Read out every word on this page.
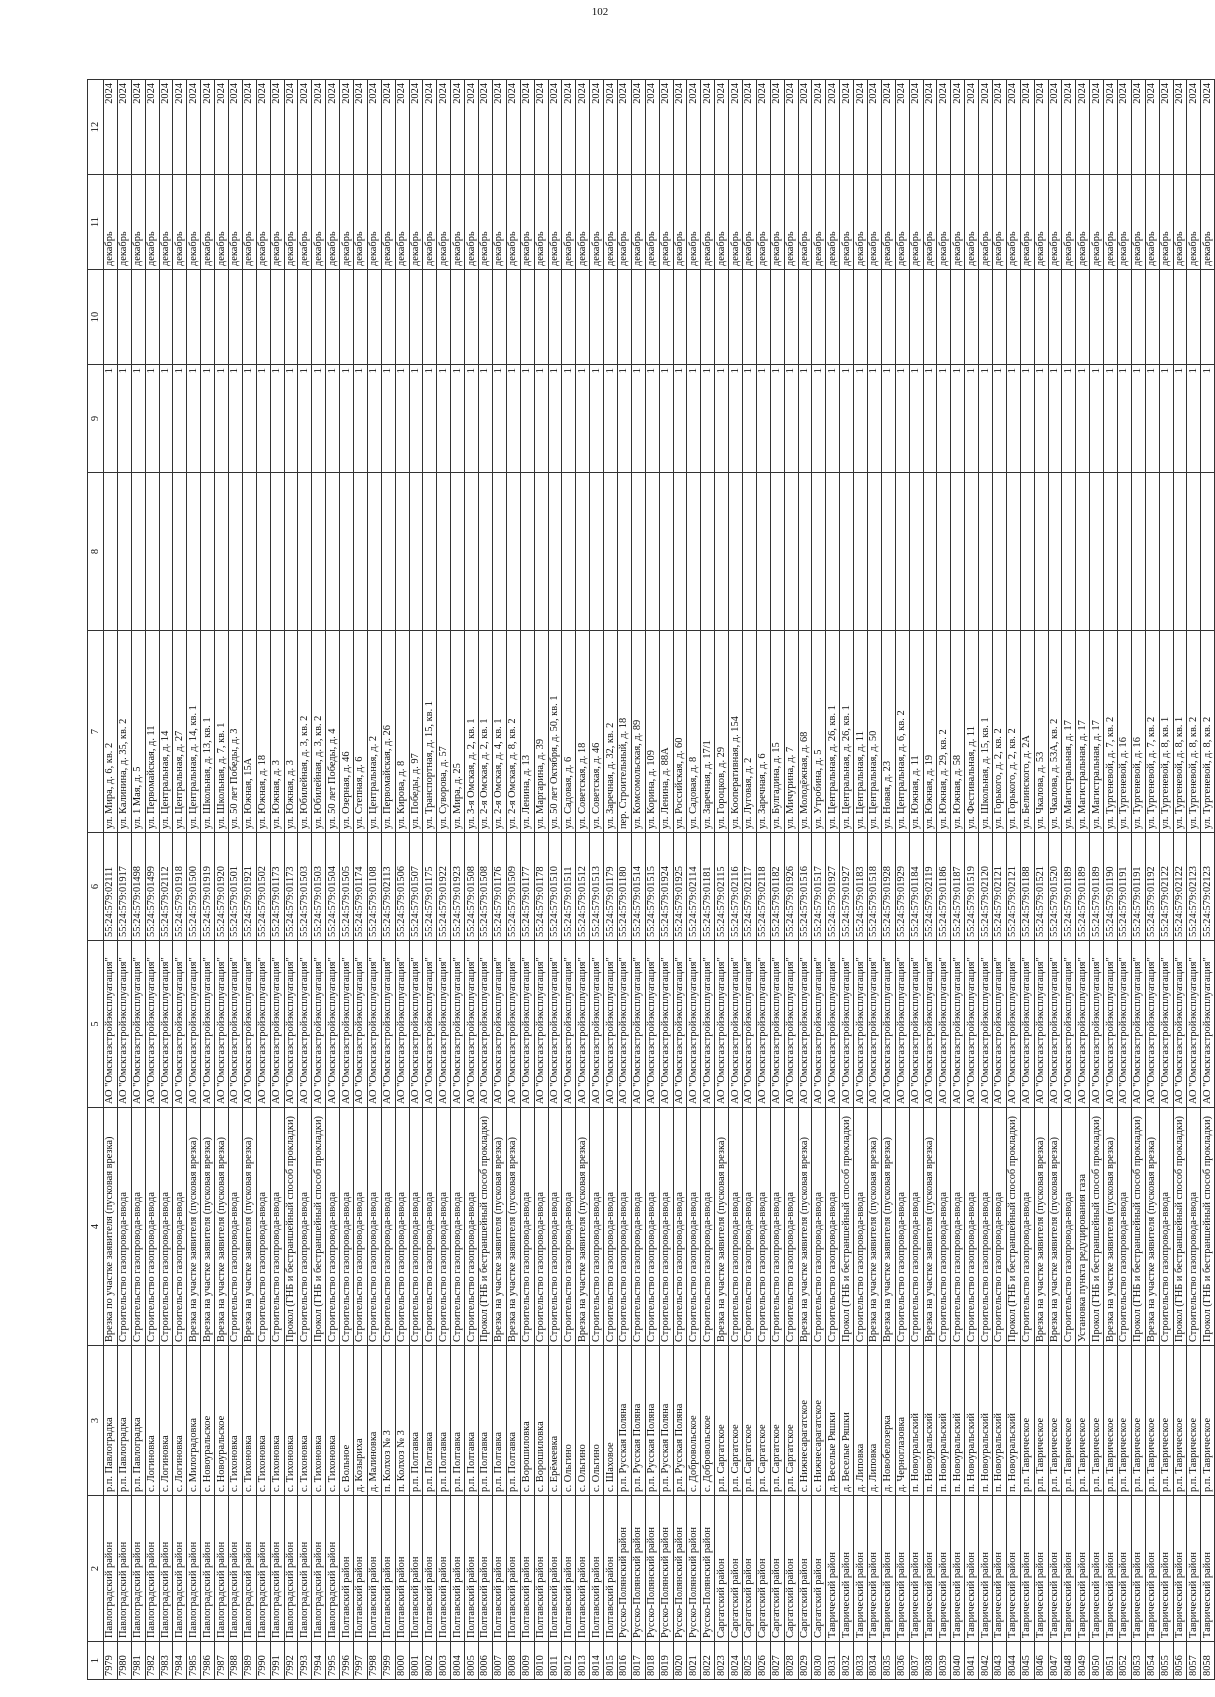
102
1	2	3	4	5	6	7	8	9	10	11	12
7979	Павлоградский район	р.п. Павлоградка	Врезка по участке заявителя (пусковая врезка)	АО "Омскгазстройэксплуатация"	55:24:579:02111	ул. Мира, д. 6, кв. 2		1		декабрь	2024
7980	Павлоградский район	р.п. Павлоградка	Строительство газопровода-ввода	АО "Омскгазстройэксплуатация"	55:24:579:01917	ул. Калинина, д. 35, кв. 2		1		декабрь	2024
7981	Павлоградский район	р.п. Павлоградка	Строительство газопровода-ввода	АО "Омскгазстройэксплуатация"	55:24:579:01498	ул. 1 Мая, д. 5		1		декабрь	2024
7982	Павлоградский район	с. Логиновка	Строительство газопровода-ввода	АО "Омскгазстройэксплуатация"	55:24:579:01499	ул. Первомайская, д. 11		1		декабрь	2024
7983	Павлоградский район	с. Логиновка	Строительство газопровода-ввода	АО "Омскгазстройэксплуатация"	55:24:579:02112	ул. Центральная, д. 14		1		декабрь	2024
7984	Павлоградский район	с. Логиновка	Строительство газопровода-ввода	АО "Омскгазстройэксплуатация"	55:24:579:01918	ул. Центральная, д. 27		1		декабрь	2024
7985	Павлоградский район	с. Милоградовка	Врезка на участке заявителя (пусковая врезка)	АО "Омскгазстройэксплуатация"	55:24:579:01500	ул. Центральная, д. 14, кв. 1		1		декабрь	2024
7986	Павлоградский район	с. Новоуральское	Врезка на участке заявителя (пусковая врезка)	АО "Омскгазстройэксплуатация"	55:24:579:01919	ул. Школьная, д. 13, кв. 1		1		декабрь	2024
7987	Павлоградский район	с. Новоуральское	Врезка на участке заявителя (пусковая врезка)	АО "Омскгазстройэксплуатация"	55:24:579:01920	ул. Школьная, д. 7, кв. 1		1		декабрь	2024
7988	Павлоградский район	с. Тихоновка	Строительство газопровода-ввода	АО "Омскгазстройэксплуатация"	55:24:579:01501	ул. 50 лет Победы, д. 3		1		декабрь	2024
7989	Павлоградский район	с. Тихоновка	Врезка на участке заявителя (пусковая врезка)	АО "Омскгазстройэксплуатация"	55:24:579:01921	ул. Южная, 15А		1		декабрь	2024
7990	Павлоградский район	с. Тихоновка	Строительство газопровода-ввода	АО "Омскгазстройэксплуатация"	55:24:579:01502	ул. Южная, д. 18		1		декабрь	2024
7991	Павлоградский район	с. Тихоновка	Строительство газопровода-ввода	АО "Омскгазстройэксплуатация"	55:24:579:01173	ул. Южная, д. 3		1		декабрь	2024
7992	Павлоградский район	с. Тихоновка	Прокол (ГНБ и бестраншейный способ прокладки)	АО "Омскгазстройэксплуатация"	55:24:579:01173	ул. Южная, д. 3		1		декабрь	2024
7993	Павлоградский район	с. Тихоновка	Строительство газопровода-ввода	АО "Омскгазстройэксплуатация"	55:24:579:01503	ул. Юбилейная, д. 3, кв. 2		1		декабрь	2024
7994	Павлоградский район	с. Тихоновка	Прокол (ГНБ и бестраншейный способ прокладки)	АО "Омскгазстройэксплуатация"	55:24:579:01503	ул. Юбилейная, д. 3, кв. 2		1		декабрь	2024
7995	Павлоградский район	с. Тихоновка	Строительство газопровода-ввода	АО "Омскгазстройэксплуатация"	55:24:579:01504	ул. 50 лет Победы, д. 4		1		декабрь	2024
7996	Полтавский район	с. Вольное	Строительство газопровода-ввода	АО "Омскгазстройэксплуатация"	55:24:579:01505	ул. Озерная, д. 46		1		декабрь	2024
7997	Полтавский район	д. Козыриха	Строительство газопровода-ввода	АО "Омскгазстройэксплуатация"	55:24:579:01174	ул. Степная, д. 6		1		декабрь	2024
7998	Полтавский район	д. Малиновка	Строительство газопровода-ввода	АО "Омскгазстройэксплуатация"	55:24:579:01108	ул. Центральная, д. 2		1		декабрь	2024
7999	Полтавский район	п. Колхоз № 3	Строительство газопровода-ввода	АО "Омскгазстройэксплуатация"	55:24:579:02113	ул. Первомайская, д. 26		1		декабрь	2024
8000	Полтавский район	п. Колхоз № 3	Строительство газопровода-ввода	АО "Омскгазстройэксплуатация"	55:24:579:01506	ул. Кирова, д. 8		1		декабрь	2024
8001	Полтавский район	р.п. Полтавка	Строительство газопровода-ввода	АО "Омскгазстройэксплуатация"	55:24:579:01507	ул. Победы, д. 97		1		декабрь	2024
8002	Полтавский район	р.п. Полтавка	Строительство газопровода-ввода	АО "Омскгазстройэксплуатация"	55:24:579:01175	ул. Транспортная, д. 15, кв. 1		1		декабрь	2024
8003	Полтавский район	р.п. Полтавка	Строительство газопровода-ввода	АО "Омскгазстройэксплуатация"	55:24:579:01922	ул. Суворова, д. 57		1		декабрь	2024
8004	Полтавский район	р.п. Полтавка	Строительство газопровода-ввода	АО "Омскгазстройэксплуатация"	55:24:579:01923	ул. Мира, д. 25		1		декабрь	2024
8005	Полтавский район	р.п. Полтавка	Строительство газопровода-ввода	АО "Омскгазстройэксплуатация"	55:24:579:01508	ул. 3-я Омская, д. 2, кв. 1		1		декабрь	2024
8006	Полтавский район	р.п. Полтавка	Прокол (ГНБ и бестраншейный способ прокладки)	АО "Омскгазстройэксплуатация"	55:24:579:01508	ул. 2-я Омская, д. 2, кв. 1		1		декабрь	2024
8007	Полтавский район	р.п. Полтавка	Врезка на участке заявителя (пусковая врезка)	АО "Омскгазстройэксплуатация"	55:24:579:01176	ул. 2-я Омская, д. 4, кв. 1		1		декабрь	2024
8008	Полтавский район	р.п. Полтавка	Врезка на участке заявителя (пусковая врезка)	АО "Омскгазстройэксплуатация"	55:24:579:01509	ул. 2-я Омская, д. 8, кв. 2		1		декабрь	2024
8009	Полтавский район	с. Ворошиловка	Строительство газопровода-ввода	АО "Омскгазстройэксплуатация"	55:24:579:01177	ул. Ленина, д. 13		1		декабрь	2024
8010	Полтавский район	с. Ворошиловка	Строительство газопровода-ввода	АО "Омскгазстройэксплуатация"	55:24:579:01178	ул. Маргарина, д. 39		1		декабрь	2024
8011	Полтавский район	с. Ерёмеевка	Строительство газопровода-ввода	АО "Омскгазстройэксплуатация"	55:24:579:01510	ул. 50 лет Октября, д. 50, кв. 1		1		декабрь	2024
8012	Полтавский район	с. Ольгино	Строительство газопровода-ввода	АО "Омскгазстройэксплуатация"	55:24:579:01511	ул. Садовая, д. 6		1		декабрь	2024
8013	Полтавский район	с. Ольгино	Врезка на участке заявителя (пусковая врезка)	АО "Омскгазстройэксплуатация"	55:24:579:01512	ул. Советская, д. 18		1		декабрь	2024
8014	Полтавский район	с. Ольгино	Строительство газопровода-ввода	АО "Омскгазстройэксплуатация"	55:24:579:01513	ул. Советская, д. 46		1		декабрь	2024
8015	Полтавский район	с. Шаховое	Строительство газопровода-ввода	АО "Омскгазстройэксплуатация"	55:24:579:01179	ул. Заречная, д. 32, кв. 2		1		декабрь	2024
8016	Русско-Полянский район	р.п. Русская Поляна	Строительство газопровода-ввода	АО "Омскгазстройэксплуатация"	55:24:579:01180	пер. Строительный, д. 18		1		декабрь	2024
8017	Русско-Полянский район	р.п. Русская Поляна	Строительство газопровода-ввода	АО "Омскгазстройэксплуатация"	55:24:579:01514	ул. Комсомольская, д. 89		1		декабрь	2024
8018	Русско-Полянский район	р.п. Русская Поляна	Строительство газопровода-ввода	АО "Омскгазстройэксплуатация"	55:24:579:01515	ул. Корина, д. 109		1		декабрь	2024
8019	Русско-Полянский район	р.п. Русская Поляна	Строительство газопровода-ввода	АО "Омскгазстройэксплуатация"	55:24:579:01924	ул. Ленина, д. 88А		1		декабрь	2024
8020	Русско-Полянский район	р.п. Русская Поляна	Строительство газопровода-ввода	АО "Омскгазстройэксплуатация"	55:24:579:01925	ул. Российская, д. 60		1		декабрь	2024
8021	Русско-Полянский район	с. Добровольское	Строительство газопровода-ввода	АО "Омскгазстройэксплуатация"	55:24:579:02114	ул. Садовая, д. 8		1		декабрь	2024
8022	Русско-Полянский район	с. Добровольское	Строительство газопровода-ввода	АО "Омскгазстройэксплуатация"	55:24:579:01181	ул. Заречная, д. 17/1		1		декабрь	2024
8023	Саргатский район	р.п. Саргатское	Врезка на участке заявителя (пусковая врезка)	АО "Омскгазстройэксплуатация"	55:24:579:02115	ул. Гороцков, д. 29		1		декабрь	2024
8024	Саргатский район	р.п. Саргатское	Строительство газопровода-ввода	АО "Омскгазстройэксплуатация"	55:24:579:02116	ул. Кооперативная, д. 154		1		декабрь	2024
8025	Саргатский район	р.п. Саргатское	Строительство газопровода-ввода	АО "Омскгазстройэксплуатация"	55:24:579:02117	ул. Луговая, д. 2		1		декабрь	2024
8026	Саргатский район	р.п. Саргатское	Строительство газопровода-ввода	АО "Омскгазстройэксплуатация"	55:24:579:02118	ул. Заречная, д. 6		1		декабрь	2024
8027	Саргатский район	р.п. Саргатское	Строительство газопровода-ввода	АО "Омскгазстройэксплуатация"	55:24:579:01182	ул. Булгадина, д. 15		1		декабрь	2024
8028	Саргатский район	р.п. Саргатское	Строительство газопровода-ввода	АО "Омскгазстройэксплуатация"	55:24:579:01926	ул. Мичурина, д. 7		1		декабрь	2024
8029	Саргатский район	с. Нижнесарагатское	Врезка на участке заявителя (пусковая врезка)	АО "Омскгазстройэксплуатация"	55:24:579:01516	ул. Молодёжная, д. 68		1		декабрь	2024
8030	Саргатский район	с. Нижнесарагатское	Строительство газопровода-ввода	АО "Омскгазстройэксплуатация"	55:24:579:01517	ул. Утробина, д. 5		1		декабрь	2024
8031	Таврический район	д. Веселые Ряшки	Строительство газопровода-ввода	АО "Омскгазстройэксплуатация"	55:24:579:01927	ул. Центральная, д. 26, кв. 1		1		декабрь	2024
8032	Таврический район	д. Веселые Ряшки	Прокол (ГНБ и бестраншейный способ прокладки)	АО "Омскгазстройэксплуатация"	55:24:579:01927	ул. Центральная, д. 26, кв. 1		1		декабрь	2024
8033	Таврический район	д. Липовка	Строительство газопровода-ввода	АО "Омскгазстройэксплуатация"	55:24:579:01183	ул. Центральная, д. 11		1		декабрь	2024
8034	Таврический район	д. Липовка	Врезка на участке заявителя (пусковая врезка)	АО "Омскгазстройэксплуатация"	55:24:579:01518	ул. Центральная, д. 50		1		декабрь	2024
8035	Таврический район	д. Новобелозерка	Врезка на участке заявителя (пусковая врезка)	АО "Омскгазстройэксплуатация"	55:24:579:01928	ул. Новая, д. 23		1		декабрь	2024
8036	Таврический район	д. Черноглазовка	Строительство газопровода-ввода	АО "Омскгазстройэксплуатация"	55:24:579:01929	ул. Центральная, д. 6, кв. 2		1		декабрь	2024
8037	Таврический район	п. Новоуральский	Строительство газопровода-ввода	АО "Омскгазстройэксплуатация"	55:24:579:01184	ул. Южная, д. 11		1		декабрь	2024
8038	Таврический район	п. Новоуральский	Врезка на участке заявителя (пусковая врезка)	АО "Омскгазстройэксплуатация"	55:24:579:02119	ул. Южная, д. 19		1		декабрь	2024
8039	Таврический район	п. Новоуральский	Строительство газопровода-ввода	АО "Омскгазстройэксплуатация"	55:24:579:01186	ул. Южная, д. 29, кв. 2		1		декабрь	2024
8040	Таврический район	п. Новоуральский	Строительство газопровода-ввода	АО "Омскгазстройэксплуатация"	55:24:579:01187	ул. Южная, д. 58		1		декабрь	2024
8041	Таврический район	п. Новоуральский	Строительство газопровода-ввода	АО "Омскгазстройэксплуатация"	55:24:579:01519	ул. Фестивальная, д. 11		1		декабрь	2024
8042	Таврический район	п. Новоуральский	Строительство газопровода-ввода	АО "Омскгазстройэксплуатация"	55:24:579:02120	ул. Школьная, д. 15, кв. 1		1		декабрь	2024
8043	Таврический район	п. Новоуральский	Строительство газопровода-ввода	АО "Омскгазстройэксплуатация"	55:24:579:02121	ул. Горького, д. 2, кв. 2		1		декабрь	2024
8044	Таврический район	п. Новоуральский	Прокол (ГНБ и бестраншейный способ прокладки)	АО "Омскгазстройэксплуатация"	55:24:579:02121	ул. Горького, д. 2, кв. 2		1		декабрь	2024
8045	Таврический район	р.п. Таврическое	Строительство газопровода-ввода	АО "Омскгазстройэксплуатация"	55:24:579:01188	ул. Белинского, д. 2А		1		декабрь	2024
8046	Таврический район	р.п. Таврическое	Врезка на участке заявителя (пусковая врезка)	АО "Омскгазстройэксплуатация"	55:24:579:01521	ул. Чкалова, д. 53		1		декабрь	2024
8047	Таврический район	р.п. Таврическое	Врезка на участке заявителя (пусковая врезка)	АО "Омскгазстройэксплуатация"	55:24:579:01520	ул. Чкалова, д. 53А, кв. 2		1		декабрь	2024
8048	Таврический район	р.п. Таврическое	Строительство газопровода-ввода	АО "Омскгазстройэксплуатация"	55:24:579:01189	ул. Магистральная, д. 17		1		декабрь	2024
8049	Таврический район	р.п. Таврическое	Установка пункта редуцирования газа	АО "Омскгазстройэксплуатация"	55:24:579:01189	ул. Магистральная, д. 17		1		декабрь	2024
8050	Таврический район	р.п. Таврическое	Прокол (ГНБ и бестраншейный способ прокладки)	АО "Омскгазстройэксплуатация"	55:24:579:01189	ул. Магистральная, д. 17		1		декабрь	2024
8051	Таврический район	р.п. Таврическое	Врезка на участке заявителя (пусковая врезка)	АО "Омскгазстройэксплуатация"	55:24:579:01190	ул. Тургеневой, д. 7, кв. 2		1		декабрь	2024
8052	Таврический район	р.п. Таврическое	Строительство газопровода-ввода	АО "Омскгазстройэксплуатация"	55:24:579:01191	ул. Тургеневой, д. 16		1		декабрь	2024
8053	Таврический район	р.п. Таврическое	Прокол (ГНБ и бестраншейный способ прокладки)	АО "Омскгазстройэксплуатация"	55:24:579:01191	ул. Тургеневой, д. 16		1		декабрь	2024
8054	Таврический район	р.п. Таврическое	Врезка на участке заявителя (пусковая врезка)	АО "Омскгазстройэксплуатация"	55:24:579:01192	ул. Тургеневой, д. 7, кв. 2		1		декабрь	2024
8055	Таврический район	р.п. Таврическое	Строительство газопровода-ввода	АО "Омскгазстройэксплуатация"	55:24:579:02122	ул. Тургеневой, д. 8, кв. 1		1		декабрь	2024
8056	Таврический район	р.п. Таврическое	Прокол (ГНБ и бестраншейный способ прокладки)	АО "Омскгазстройэксплуатация"	55:24:579:02122	ул. Тургеневой, д. 8, кв. 1		1		декабрь	2024
8057	Таврический район	р.п. Таврическое	Строительство газопровода-ввода	АО "Омскгазстройэксплуатация"	55:24:579:02123	ул. Тургеневой, д. 8, кв. 2		1		декабрь	2024
8058	Таврический район	р.п. Таврическое	Прокол (ГНБ и бестраншейный способ прокладки)	АО "Омскгазстройэксплуатация"	55:24:579:02123	ул. Тургеневой, д. 8, кв. 2		1		декабрь	2024
